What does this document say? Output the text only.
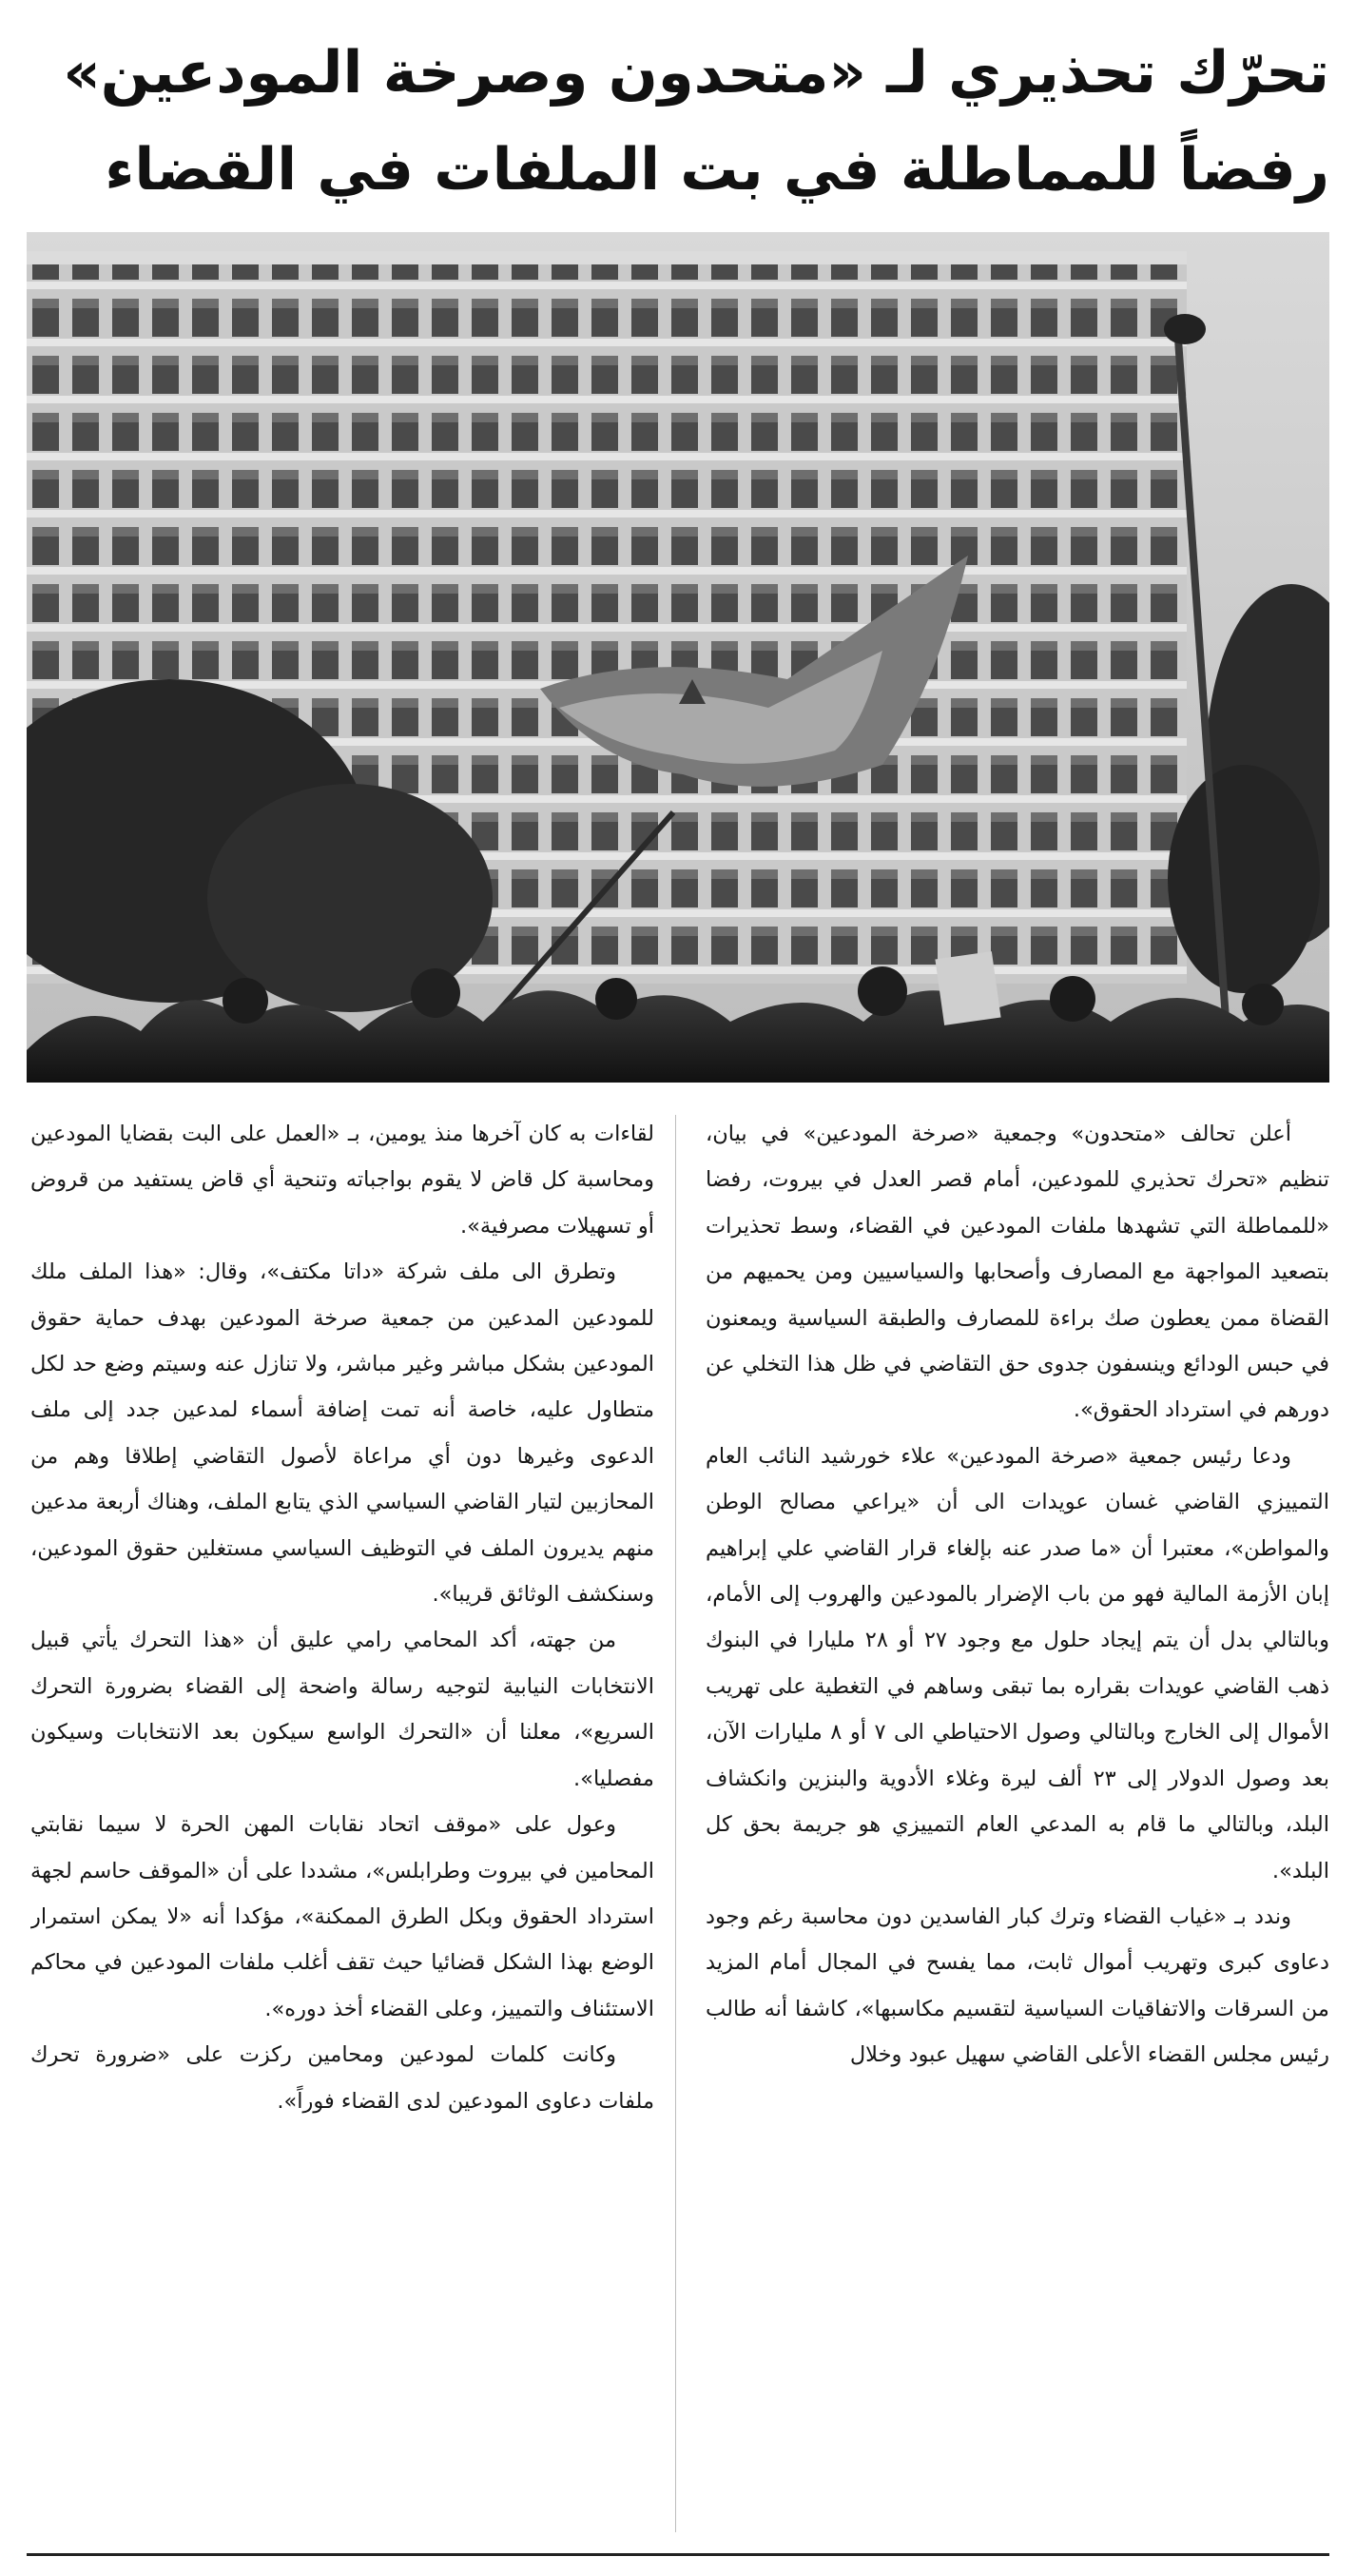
تحرّك تحذيري لـ «متحدون وصرخة المودعين»
رفضاً للمماطلة في بت الملفات في القضاء

أعلن تحالف «متحدون» وجمعية «صرخة المودعين» في بيان، تنظيم «تحرك تحذيري للمودعين، أمام قصر العدل في بيروت، رفضا «للمماطلة التي تشهدها ملفات المودعين في القضاء، وسط تحذيرات بتصعيد المواجهة مع المصارف وأصحابها والسياسيين ومن يحميهم من القضاة ممن يعطون صك براءة للمصارف والطبقة السياسية ويمعنون في حبس الودائع وينسفون جدوى حق التقاضي في ظل هذا التخلي عن دورهم في استرداد الحقوق».

ودعا رئيس جمعية «صرخة المودعين» علاء خورشيد النائب العام التمييزي القاضي غسان عويدات الى أن «يراعي مصالح الوطن والمواطن»، معتبرا أن «ما صدر عنه بإلغاء قرار القاضي علي إبراهيم إبان الأزمة المالية فهو من باب الإضرار بالمودعين والهروب إلى الأمام، وبالتالي بدل أن يتم إيجاد حلول مع وجود ٢٧ أو ٢٨ مليارا في البنوك ذهب القاضي عويدات بقراره بما تبقى وساهم في التغطية على تهريب الأموال إلى الخارج وبالتالي وصول الاحتياطي الى ٧ أو ٨ مليارات الآن، بعد وصول الدولار إلى ٢٣ ألف ليرة وغلاء الأدوية والبنزين وانكشاف البلد، وبالتالي ما قام به المدعي العام التمييزي هو جريمة بحق كل البلد».

وندد بـ «غياب القضاء وترك كبار الفاسدين دون محاسبة رغم وجود دعاوى كبرى وتهريب أموال ثابت، مما يفسح في المجال أمام المزيد من السرقات والاتفاقيات السياسية لتقسيم مكاسبها»، كاشفا أنه طالب رئيس مجلس القضاء الأعلى القاضي سهيل عبود وخلال

لقاءات به كان آخرها منذ يومين، بـ «العمل على البت بقضايا المودعين ومحاسبة كل قاض لا يقوم بواجباته وتنحية أي قاض يستفيد من قروض أو تسهيلات مصرفية».

وتطرق الى ملف شركة «داتا مكتف»، وقال: «هذا الملف ملك للمودعين المدعين من جمعية صرخة المودعين بهدف حماية حقوق المودعين بشكل مباشر وغير مباشر، ولا تنازل عنه وسيتم وضع حد لكل متطاول عليه، خاصة أنه تمت إضافة أسماء لمدعين جدد إلى ملف الدعوى وغيرها دون أي مراعاة لأصول التقاضي إطلاقا وهم من المحازبين لتيار القاضي السياسي الذي يتابع الملف، وهناك أربعة مدعين منهم يديرون الملف في التوظيف السياسي مستغلين حقوق المودعين، وسنكشف الوثائق قريبا».

من جهته، أكد المحامي رامي عليق أن «هذا التحرك يأتي قبيل الانتخابات النيابية لتوجيه رسالة واضحة إلى القضاء بضرورة التحرك السريع»، معلنا أن «التحرك الواسع سيكون بعد الانتخابات وسيكون مفصليا».

وعول على «موقف اتحاد نقابات المهن الحرة لا سيما نقابتي المحامين في بيروت وطرابلس»، مشددا على أن «الموقف حاسم لجهة استرداد الحقوق وبكل الطرق الممكنة»، مؤكدا أنه «لا يمكن استمرار الوضع بهذا الشكل قضائيا حيث تقف أغلب ملفات المودعين في محاكم الاستئناف والتمييز، وعلى القضاء أخذ دوره».

وكانت كلمات لمودعين ومحامين ركزت على «ضرورة تحرك ملفات دعاوى المودعين لدى القضاء فوراً».
